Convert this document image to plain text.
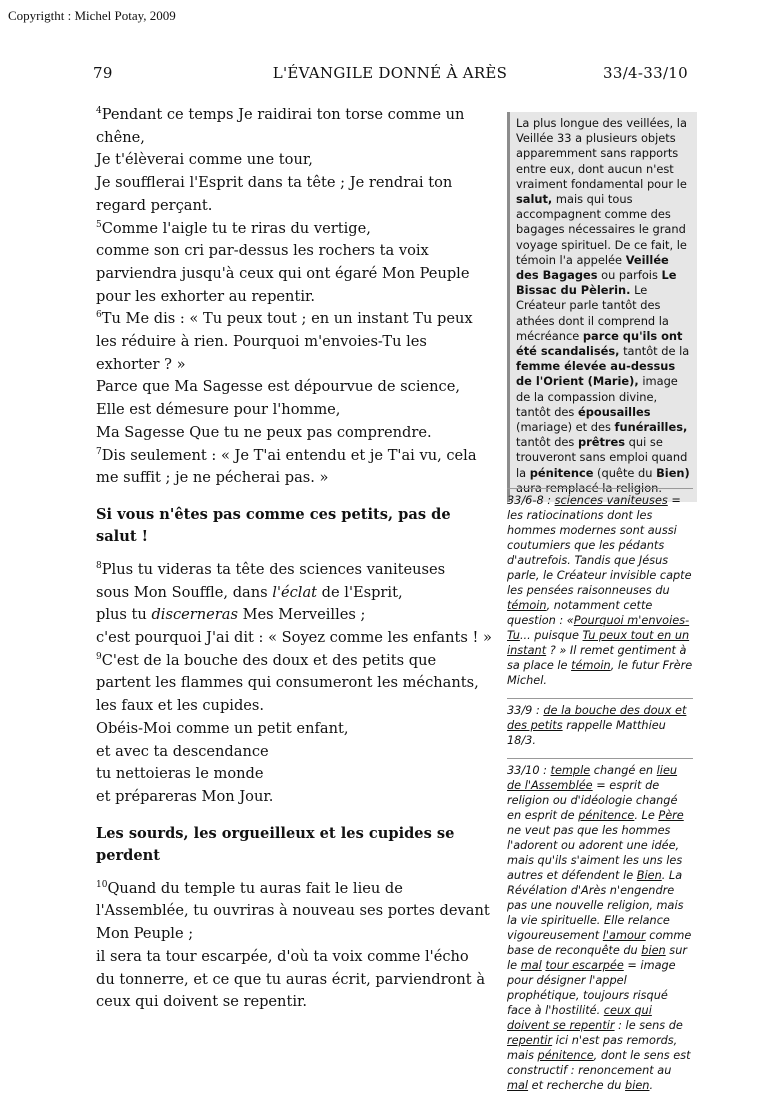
Copyrigtht : Michel Potay, 2009
L'ÉVANGILE DONNÉ À ARÈS
79	33/4-33/10

$^4$Pendant ce temps Je raidirai ton torse comme un chêne,

Je t'élèverai comme une tour,

Je soufflerai l'Esprit dans ta tête ; Je rendrai ton regard perçant.

$^5$Comme l'aigle tu te riras du vertige,

comme son cri par-dessus les rochers ta voix parviendra jusqu'à ceux qui ont égaré Mon Peuple

pour les exhorter au repentir.

$^6$Tu Me dis : « Tu peux tout ; en un instant Tu peux les réduire à rien. Pourquoi m'envoies-Tu les exhorter ? »

Parce que Ma Sagesse est dépourvue de science,

Elle est démesure pour l'homme,

Ma Sagesse Que tu ne peux pas comprendre.

$^7$Dis seulement : « Je T'ai entendu et je T'ai vu, cela me suffit ; je ne pécherai pas. »

Si vous n'êtes pas comme ces petits, pas de salut !

$^8$Plus tu videras ta tête des sciences vaniteuses

sous Mon Souffle, dans l'éclat de l'Esprit,

plus tu discerneras Mes Merveilles ;

c'est pourquoi J'ai dit : « Soyez comme les enfants ! »

$^9$C'est de la bouche des doux et des petits que partent les flammes qui consumeront les méchants, les faux et les cupides.

Obéis-Moi comme un petit enfant,

et avec ta descendance

tu nettoieras le monde

et prépareras Mon Jour.

Les sourds, les orgueilleux et les cupides se perdent

$^{10}$Quand du temple tu auras fait le lieu de l'Assemblée, tu ouvriras à nouveau ses portes devant Mon Peuple ;

il sera ta tour escarpée, d'où ta voix comme l'écho du tonnerre, et ce que tu auras écrit, parviendront à ceux qui doivent se repentir.

La plus longue des veillées, la Veillée 33 a plusieurs objets apparemment sans rapports entre eux, dont aucun n'est vraiment fondamental pour le salut, mais qui tous accompagnent comme des bagages nécessaires le grand voyage spirituel. De ce fait, le témoin l'a appelée Veillée des Bagages ou parfois Le Bissac du Pèlerin. Le Créateur parle tantôt des athées dont il comprend la mécréance parce qu'ils ont été scandalisés, tantôt de la femme élevée au-dessus de l'Orient (Marie), image de la compassion divine, tantôt des épousailles (mariage) et des funérailles, tantôt des prêtres qui se trouveront sans emploi quand la pénitence (quête du Bien) aura remplacé la religion.

33/6-8 : sciences vaniteuses = les ratiocinations dont les hommes modernes sont aussi coutumiers que les pédants d'autrefois. Tandis que Jésus parle, le Créateur invisible capte les pensées raisonneuses du témoin, notamment cette question : «Pourquoi m'envoies-Tu... puisque Tu peux tout en un instant ? » Il remet gentiment à sa place le témoin, le futur Frère Michel.

33/9 : de la bouche des doux et des petits rappelle Matthieu 18/3.

33/10 : temple changé en lieu de l'Assemblée = esprit de religion ou d'idéologie changé en esprit de pénitence. Le Père ne veut pas que les hommes l'adorent ou adorent une idée, mais qu'ils s'aiment les uns les autres et défendent le Bien. La Révélation d'Arès n'engendre pas une nouvelle religion, mais la vie spirituelle. Elle relance vigoureusement l'amour comme base de reconquête du bien sur le mal tour escarpée = image pour désigner l'appel prophétique, toujours risqué face à l'hostilité. ceux qui doivent se repentir : le sens de repentir ici n'est pas remords, mais pénitence, dont le sens est constructif : renoncement au mal et recherche du bien.
